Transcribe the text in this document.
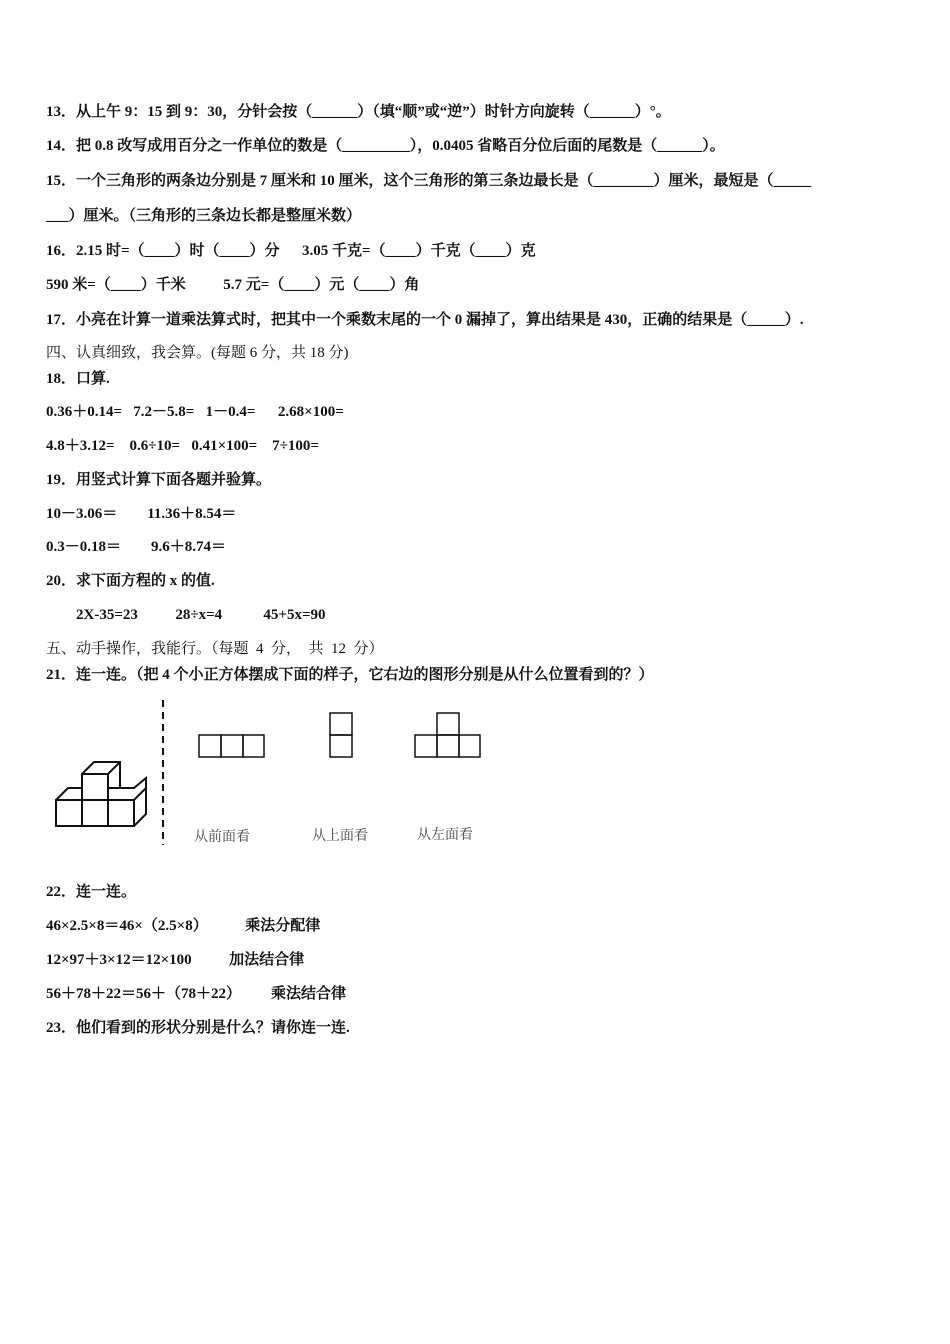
13．从上午 9：15 到 9：30，分针会按（______）（填“顺”或“逆”）时针方向旋转（______）°。
14．把 0.8 改写成用百分之一作单位的数是（_________），0.0405 省略百分位后面的尾数是（______）。
15．一个三角形的两条边分别是 7 厘米和 10 厘米，这个三角形的第三条边最长是（________）厘米，最短是（_____
___）厘米。（三角形的三条边长都是整厘米数）
16．2.15 时=（____）时（____）分      3.05 千克=（____）千克（____）克
590 米=（____）千米          5.7 元=（____）元（____）角
17．小亮在计算一道乘法算式时，把其中一个乘数末尾的一个 0 漏掉了，算出结果是 430，正确的结果是（_____）.
四、认真细致，我会算。(每题 6 分，共 18 分)
18．口算.
0.36＋0.14=   7.2－5.8=   1－0.4=      2.68×100=
4.8＋3.12=    0.6÷10=   0.41×100=    7÷100=
19．用竖式计算下面各题并验算。
10－3.06＝        11.36＋8.54＝
0.3－0.18＝        9.6＋8.74＝
20．求下面方程的 x 的值.
2X-35=23          28÷x=4           45+5x=90
五、动手操作，我能行。（每题  4  分，  共  12  分）
21．连一连。（把 4 个小正方体摆成下面的样子，它右边的图形分别是从什么位置看到的？）
从前面看	从上面看	从左面看
22．连一连。
46×2.5×8＝46×（2.5×8）          乘法分配律
12×97＋3×12＝12×100          加法结合律
56＋78＋22＝56＋（78＋22）        乘法结合律
23．他们看到的形状分别是什么？请你连一连.
